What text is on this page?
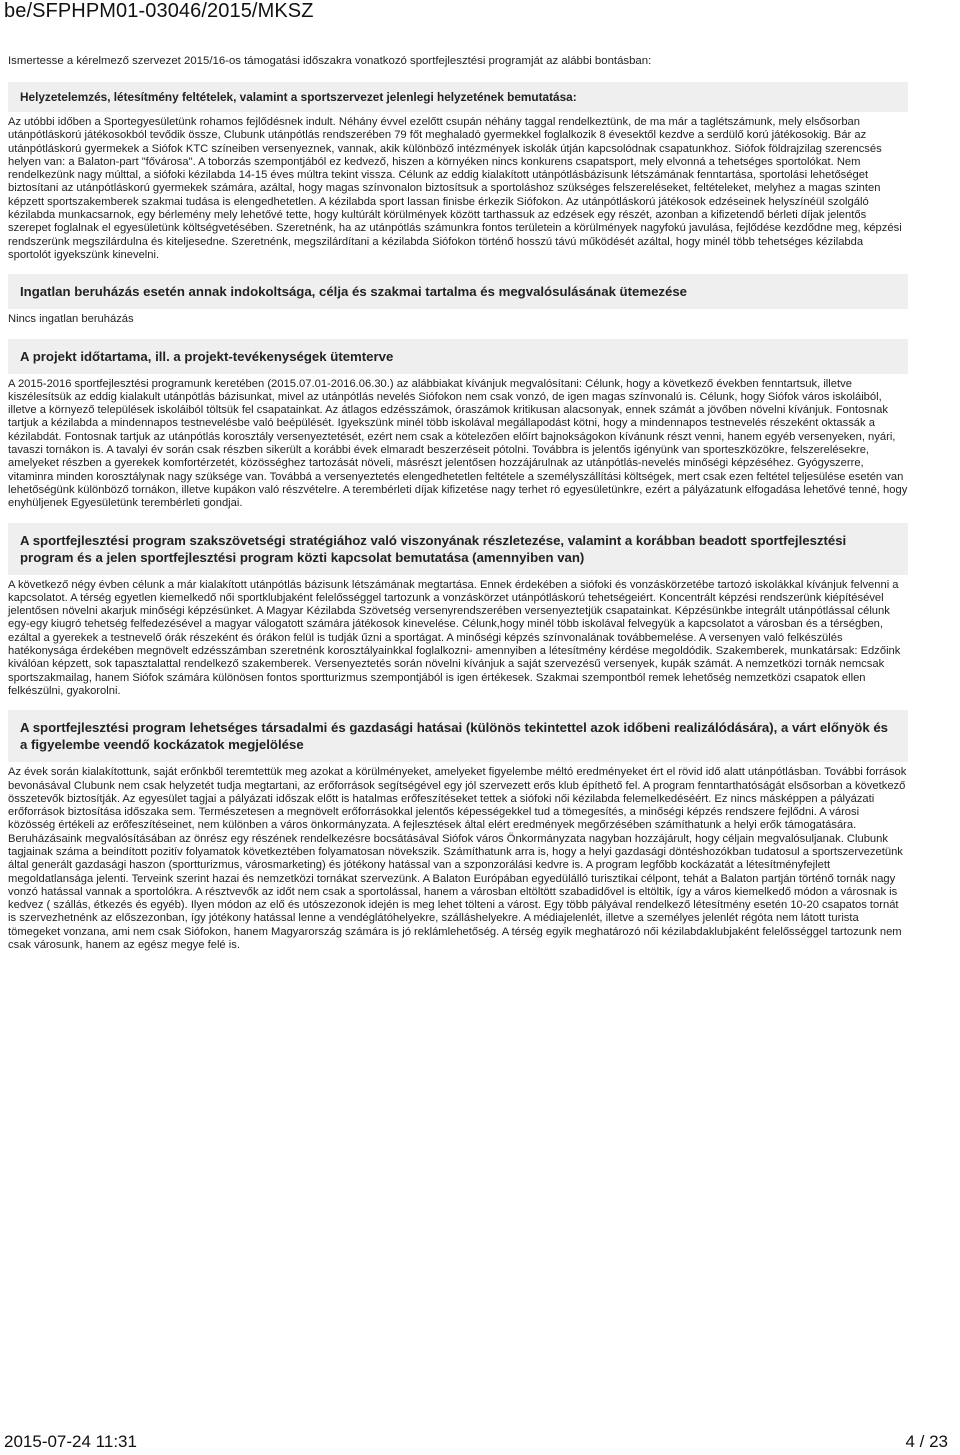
be/SFPHPM01-03046/2015/MKSZ
Ismertesse a kérelmező szervezet 2015/16-os támogatási időszakra vonatkozó sportfejlesztési programját az alábbi bontásban:
Helyzetelemzés, létesítmény feltételek, valamint a sportszervezet jelenlegi helyzetének bemutatása:

Az utóbbi időben a Sportegyesületünk rohamos fejlődésnek indult. Néhány évvel ezelőtt csupán néhány taggal rendelkeztünk, de ma már a taglétszámunk, mely elsősorban utánpótláskorú játékosokból tevődik össze, Clubunk utánpótlás rendszerében 79 főt meghaladó gyermekkel foglalkozik 8 évesektől kezdve a serdülő korú játékosokig. Bár az utánpótláskorú gyermekek a Siófok KTC színeiben versenyeznek, vannak, akik különböző intézmények iskolák útján kapcsolódnak csapatunkhoz. Siófok földrajzilag szerencsés helyen van: a Balaton-part "fővárosa". A toborzás szempontjából ez kedvező, hiszen a környéken nincs konkurens csapatsport, mely elvonná a tehetséges sportolókat. Nem rendelkezünk nagy múlttal, a siófoki kézilabda 14-15 éves múltra tekint vissza. Célunk az eddig kialakított utánpótlásbázisunk létszámának fenntartása, sportolási lehetőséget biztosítani az utánpótláskorú gyermekek számára, azáltal, hogy magas színvonalon biztosítsuk a sportoláshoz szükséges felszereléseket, feltételeket, melyhez a magas szinten képzett sportszakemberek szakmai tudása is elengedhetetlen. A kézilabda sport lassan finisbe érkezik Siófokon. Az utánpótláskorú játékosok edzéseinek helyszínéül szolgáló kézilabda munkacsarnok, egy bérlemény mely lehetővé tette, hogy kultúrált körülmények között tarthassuk az edzések egy részét, azonban a kifizetendő bérleti díjak jelentős szerepet foglalnak el egyesületünk költségvetésében. Szeretnénk, ha az utánpótlás számunkra fontos területein a körülmények nagyfokú javulása, fejlődése kezdődne meg, képzési rendszerünk megszilárdulna és kiteljesedne. Szeretnénk, megszilárdítani a kézilabda Siófokon történő hosszú távú működését azáltal, hogy minél több tehetséges kézilabda sportolót igyekszünk kinevelni.

Ingatlan beruházás esetén annak indokoltsága, célja és szakmai tartalma és megvalósulásának ütemezése

Nincs ingatlan beruházás

A projekt időtartama, ill. a projekt-tevékenységek ütemterve

A 2015-2016 sportfejlesztési programunk keretében (2015.07.01-2016.06.30.) az alábbiakat kívánjuk megvalósítani: Célunk, hogy a következő években fenntartsuk, illetve kiszélesítsük az eddig kialakult utánpótlás bázisunkat, mivel az utánpótlás nevelés Siófokon nem csak vonzó, de igen magas színvonalú is. Célunk, hogy Siófok város iskoláiból, illetve a környező települések iskoláiból töltsük fel csapatainkat. Az átlagos edzésszámok, óraszámok kritikusan alacsonyak, ennek számát a jövőben növelni kívánjuk. Fontosnak tartjuk a kézilabda a mindennapos testnevelésbe való beépülését. Igyekszünk minél több iskolával megállapodást kötni, hogy a mindennapos testnevelés részeként oktassák a kézilabdát. Fontosnak tartjuk az utánpótlás korosztály versenyeztetését, ezért nem csak a kötelezően előírt bajnokságokon kívánunk részt venni, hanem egyéb versenyeken, nyári, tavaszi tornákon is. A tavalyi év során csak részben sikerült a korábbi évek elmaradt beszerzéseit pótolni. Továbbra is jelentős igényünk van sporteszközökre, felszerelésekre, amelyeket részben a gyerekek komfortérzetét, közösséghez tartozását növeli, másrészt jelentősen hozzájárulnak az utánpótlás-nevelés minőségi képzéséhez. Gyógyszerre, vitaminra minden korosztálynak nagy szüksége van. Továbbá a versenyeztetés elengedhetetlen feltétele a személyszállítási költségek, mert csak ezen feltétel teljesülése esetén van lehetőségünk különböző tornákon, illetve kupákon való részvételre. A terembérleti díjak kifizetése nagy terhet ró egyesületünkre, ezért a pályázatunk elfogadása lehetővé tenné, hogy enyhüljenek Egyesületünk terembérleti gondjai.

A sportfejlesztési program szakszövetségi stratégiához való viszonyának részletezése, valamint a korábban beadott sportfejlesztési program és a jelen sportfejlesztési program közti kapcsolat bemutatása (amennyiben van)

A következő négy évben célunk a már kialakított utánpótlás bázisunk létszámának megtartása. Ennek érdekében a siófoki és vonzáskörzetébe tartozó iskolákkal kívánjuk felvenni a kapcsolatot. A térség egyetlen kiemelkedő női sportklubjaként felelősséggel tartozunk a vonzáskörzet utánpótláskorú tehetségeiért. Koncentrált képzési rendszerünk kiépítésével jelentősen növelni akarjuk minőségi képzésünket. A Magyar Kézilabda Szövetség versenyrendszerében versenyeztetjük csapatainkat. Képzésünkbe integrált utánpótlással célunk egy-egy kiugró tehetség felfedezésével a magyar válogatott számára játékosok kinevelése. Célunk,hogy minél több iskolával felvegyük a kapcsolatot a városban és a térségben, ezáltal a gyerekek a testnevelő órák részeként és órákon felül is tudják űzni a sportágat. A minőségi képzés színvonalának továbbemelése. A versenyen való felkészülés hatékonysága érdekében megnövelt edzésszámban szeretnénk korosztályainkkal foglalkozni- amennyiben a létesítmény kérdése megoldódik. Szakemberek, munkatársak: Edzőink kiválóan képzett, sok tapasztalattal rendelkező szakemberek. Versenyeztetés során növelni kívánjuk a saját szervezésű versenyek, kupák számát. A nemzetközi tornák nemcsak sportszakmailag, hanem Siófok számára különösen fontos sportturizmus szempontjából is igen értékesek. Szakmai szempontból remek lehetőség nemzetközi csapatok ellen felkészülni, gyakorolni.

A sportfejlesztési program lehetséges társadalmi és gazdasági hatásai (különös tekintettel azok időbeni realizálódására), a várt előnyök és a figyelembe veendő kockázatok megjelölése

Az évek során kialakítottunk, saját erőnkből teremtettük meg azokat a körülményeket, amelyeket figyelembe méltó eredményeket ért el rövid idő alatt utánpótlásban. További források bevonásával Clubunk nem csak helyzetét tudja megtartani, az erőforrások segítségével egy jól szervezett erős klub építhető fel. A program fenntarthatóságát elsősorban a következő összetevők biztosítják. Az egyesület tagjai a pályázati időszak előtt is hatalmas erőfeszítéseket tettek a siófoki női kézilabda felemelkedéséért. Ez nincs másképpen a pályázati erőforrások biztosítása időszaka sem. Természetesen a megnövelt erőforrásokkal jelentős képességekkel tud a tömegesítés, a minőségi képzés rendszere fejlődni. A városi közösség értékeli az erőfeszítéseinet, nem különben a város önkormányzata. A fejlesztések által elért eredmények megőrzésében számíthatunk a helyi erők támogatására. Beruházásaink megvalósításában az önrész egy részének rendelkezésre bocsátásával Siófok város Önkormányzata nagyban hozzájárult, hogy céljain megvalósuljanak. Clubunk tagjainak száma a beindított pozitív folyamatok következtében folyamatosan növekszik. Számíthatunk arra is, hogy a helyi gazdasági döntéshozókban tudatosul a sportszervezetünk által generált gazdasági haszon (sportturizmus, városmarketing) és jótékony hatással van a szponzorálási kedvre is. A program legfőbb kockázatát a létesítményfejlett megoldatlansága jelenti. Terveink szerint hazai és nemzetközi tornákat szervezünk. A Balaton Európában egyedülálló turisztikai célpont, tehát a Balaton partján történő tornák nagy vonzó hatással vannak a sportolókra. A résztvevők az időt nem csak a sportolással, hanem a városban eltöltött szabadidővel is eltöltik, így a város kiemelkedő módon a városnak is kedvez ( szállás, étkezés és egyéb). Ilyen módon az elő és utószezonok idején is meg lehet tölteni a várost. Egy több pályával rendelkező létesítmény esetén 10-20 csapatos tornát is szervezhetnénk az előszezonban, így jótékony hatással lenne a vendéglátóhelyekre, szálláshelyekre. A médiajelenlét, illetve a személyes jelenlét régóta nem látott turista tömegeket vonzana, ami nem csak Siófokon, hanem Magyarország számára is jó reklámlehetőség. A térség egyik meghatározó női kézilabdaklubjaként felelősséggel tartozunk nem csak városunk, hanem az egész megye felé is.

2015-07-24 11:31	4 / 23
